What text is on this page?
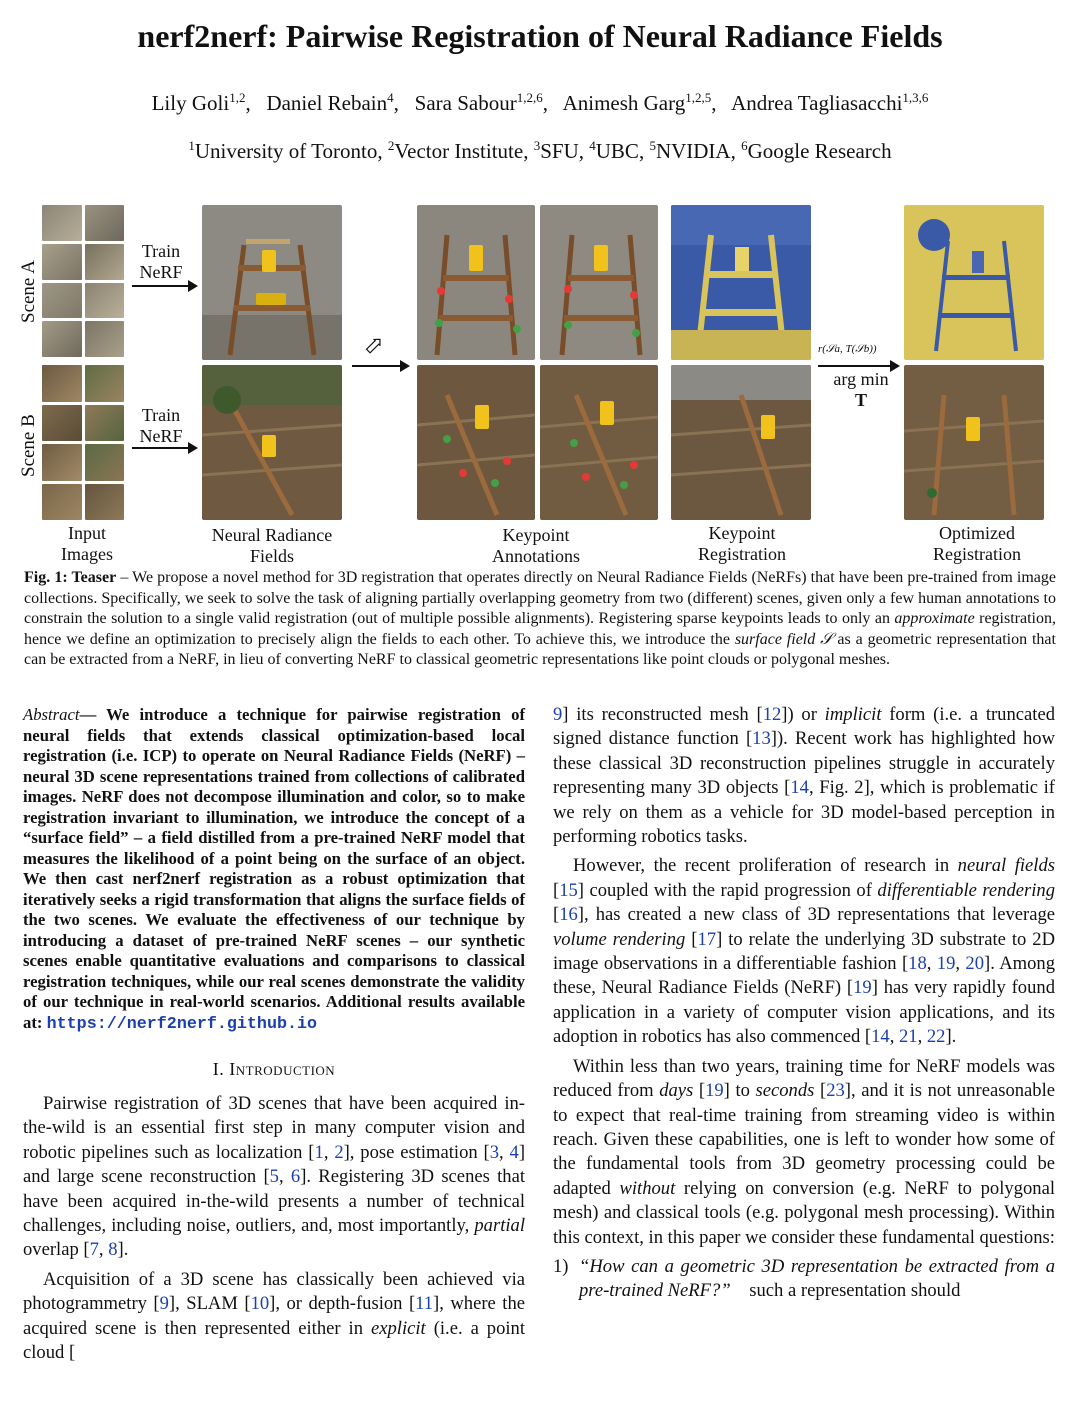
nerf2nerf: Pairwise Registration of Neural Radiance Fields
Lily Goli$^{1,2}$,   Daniel Rebain$^4$,   Sara Sabour$^{1,2,6}$,   Animesh Garg$^{1,2,5}$,   Andrea Tagliasacchi$^{1,3,6}$
$^1$University of Toronto, $^2$Vector Institute, $^3$SFU, $^4$UBC, $^5$NVIDIA, $^6$Google Research
Scene A
Scene B
Train NeRF
Train NeRF
⬀	r(𝒮a, T(𝒮b))
arg min
T
Input Images
Neural Radiance Fields
Keypoint Annotations
Keypoint Registration
Optimized Registration
Fig. 1: Teaser – We propose a novel method for 3D registration that operates directly on Neural Radiance Fields (NeRFs) that have been pre-trained from image collections. Specifically, we seek to solve the task of aligning partially overlapping geometry from two (different) scenes, given only a few human annotations to constrain the solution to a single valid registration (out of multiple possible alignments). Registering sparse keypoints leads to only an approximate registration, hence we define an optimization to precisely align the fields to each other. To achieve this, we introduce the surface field 𝒮 as a geometric representation that can be extracted from a NeRF, in lieu of converting NeRF to classical geometric representations like point clouds or polygonal meshes.

Abstract— We introduce a technique for pairwise registration of neural fields that extends classical optimization-based local registration (i.e. ICP) to operate on Neural Radiance Fields (NeRF) – neural 3D scene representations trained from collections of calibrated images. NeRF does not decompose illumination and color, so to make registration invariant to illumination, we introduce the concept of a “surface field” – a field distilled from a pre-trained NeRF model that measures the likelihood of a point being on the surface of an object. We then cast nerf2nerf registration as a robust optimization that iteratively seeks a rigid transformation that aligns the surface fields of the two scenes. We evaluate the effectiveness of our technique by introducing a dataset of pre-trained NeRF scenes – our synthetic scenes enable quantitative evaluations and comparisons to classical registration techniques, while our real scenes demonstrate the validity of our technique in real-world scenarios. Additional results available at: https://nerf2nerf.github.io

I. Introduction

Pairwise registration of 3D scenes that have been acquired in-the-wild is an essential first step in many computer vision and robotic pipelines such as localization [1, 2], pose estimation [3, 4] and large scene reconstruction [5, 6]. Registering 3D scenes that have been acquired in-the-wild presents a number of technical challenges, including noise, outliers, and, most importantly, partial overlap [7, 8].

Acquisition of a 3D scene has classically been achieved via photogrammetry [9], SLAM [10], or depth-fusion [11], where the acquired scene is then represented either in explicit (i.e. a point cloud [

9] its reconstructed mesh [12]) or implicit form (i.e. a truncated signed distance function [13]). Recent work has highlighted how these classical 3D reconstruction pipelines struggle in accurately representing many 3D objects [14, Fig. 2], which is problematic if we rely on them as a vehicle for 3D model-based perception in performing robotics tasks.

However, the recent proliferation of research in neural fields [15] coupled with the rapid progression of differentiable rendering [16], has created a new class of 3D representations that leverage volume rendering [17] to relate the underlying 3D substrate to 2D image observations in a differentiable fashion [18, 19, 20]. Among these, Neural Radiance Fields (NeRF) [19] has very rapidly found application in a variety of computer vision applications, and its adoption in robotics has also commenced [14, 21, 22].

Within less than two years, training time for NeRF models was reduced from days [19] to seconds [23], and it is not unreasonable to expect that real-time training from streaming video is within reach. Given these capabilities, one is left to wonder how some of the fundamental tools from 3D geometry processing could be adapted without relying on conversion (e.g. NeRF to polygonal mesh) and classical tools (e.g. polygonal mesh processing). Within this context, in this paper we consider these fundamental questions:

1) “How can a geometric 3D representation be extracted from a pre-trained NeRF?” such a representation should
